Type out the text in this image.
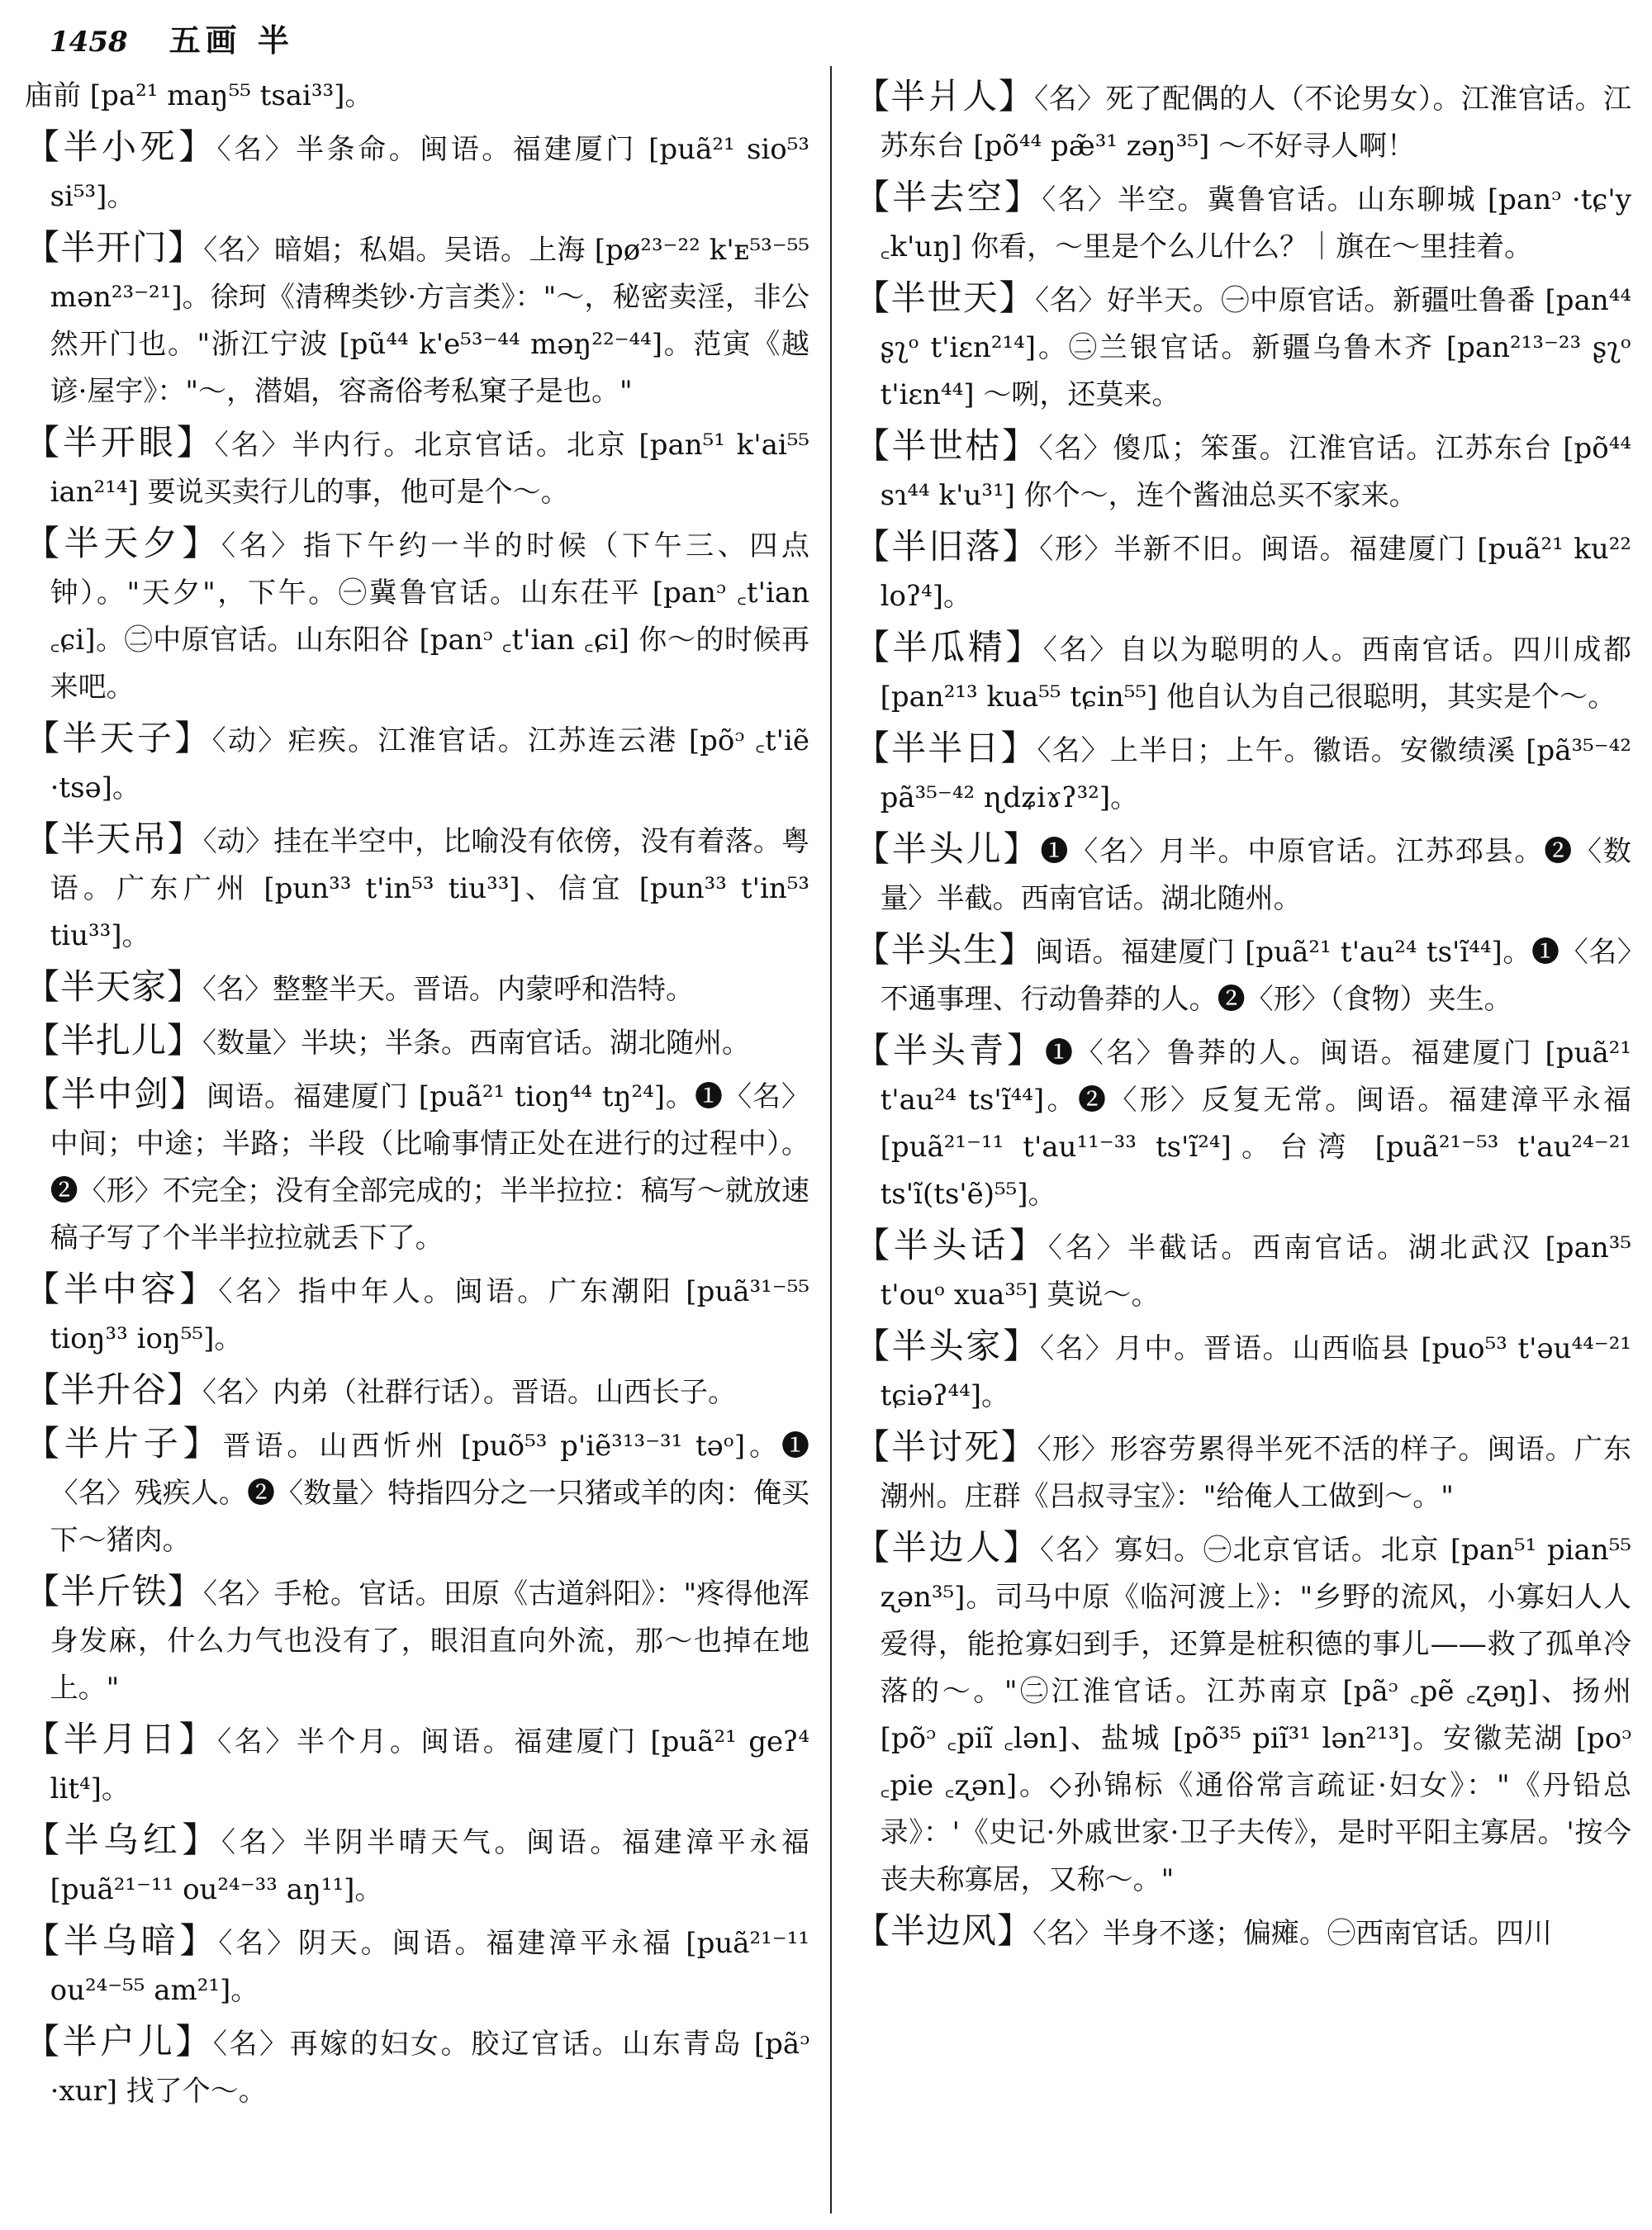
1458 五画 半

庙前 [pa²¹ maŋ⁵⁵ tsai³³]。

【半小死】〈名〉半条命。闽语。福建厦门 [puã²¹ sio⁵³ si⁵³]。

【半开门】〈名〉暗娼；私娼。吴语。上海 [pø²³⁻²² k'ᴇ⁵³⁻⁵⁵ mən²³⁻²¹]。徐珂《清稗类钞·方言类》："～，秘密卖淫，非公然开门也。"浙江宁波 [pũ⁴⁴ k'e⁵³⁻⁴⁴ məŋ²²⁻⁴⁴]。范寅《越谚·屋宇》："～，潜娼，容斋俗考私窠子是也。"

【半开眼】〈名〉半内行。北京官话。北京 [pan⁵¹ k'ai⁵⁵ ian²¹⁴] 要说买卖行儿的事，他可是个～。

【半天夕】〈名〉指下午约一半的时候（下午三、四点钟）。"天夕"，下午。㊀冀鲁官话。山东茌平 [panᵓ ꜀t'ian ꜀ɕi]。㊁中原官话。山东阳谷 [panᵓ ꜀t'ian ꜀ɕi] 你～的时候再来吧。

【半天子】〈动〉疟疾。江淮官话。江苏连云港 [põᵓ ꜀t'iẽ ·tsə]。

【半天吊】〈动〉挂在半空中，比喻没有依傍，没有着落。粤语。广东广州 [pun³³ t'in⁵³ tiu³³]、信宜 [pun³³ t'in⁵³ tiu³³]。

【半天家】〈名〉整整半天。晋语。内蒙呼和浩特。

【半扎儿】〈数量〉半块；半条。西南官话。湖北随州。

【半中剑】闽语。福建厦门 [puã²¹ tioŋ⁴⁴ tŋ²⁴]。❶〈名〉中间；中途；半路；半段（比喻事情正处在进行的过程中）。❷〈形〉不完全；没有全部完成的；半半拉拉：稿写～就放速稿子写了个半半拉拉就丢下了。

【半中容】〈名〉指中年人。闽语。广东潮阳 [puã³¹⁻⁵⁵ tioŋ³³ ioŋ⁵⁵]。

【半升谷】〈名〉内弟（社群行话）。晋语。山西长子。

【半片子】晋语。山西忻州 [puõ⁵³ p'iẽ³¹³⁻³¹ təᵒ]。❶〈名〉残疾人。❷〈数量〉特指四分之一只猪或羊的肉：俺买下～猪肉。

【半斤铁】〈名〉手枪。官话。田原《古道斜阳》："疼得他浑身发麻，什么力气也没有了，眼泪直向外流，那～也掉在地上。"

【半月日】〈名〉半个月。闽语。福建厦门 [puã²¹ geʔ⁴ lit⁴]。

【半乌红】〈名〉半阴半晴天气。闽语。福建漳平永福 [puã²¹⁻¹¹ ou²⁴⁻³³ aŋ¹¹]。

【半乌暗】〈名〉阴天。闽语。福建漳平永福 [puã²¹⁻¹¹ ou²⁴⁻⁵⁵ am²¹]。

【半户儿】〈名〉再嫁的妇女。胶辽官话。山东青岛 [pãᵓ ·xur] 找了个～。

【半爿人】〈名〉死了配偶的人（不论男女）。江淮官话。江苏东台 [põ⁴⁴ pæ̃³¹ zəŋ³⁵] ～不好寻人啊！

【半去空】〈名〉半空。冀鲁官话。山东聊城 [panᵓ ·tɕ'y ꜀k'uŋ] 你看，～里是个么儿什么？｜旗在～里挂着。

【半世天】〈名〉好半天。㊀中原官话。新疆吐鲁番 [pan⁴⁴ ʂʅᵒ t'iɛn²¹⁴]。㊁兰银官话。新疆乌鲁木齐 [pan²¹³⁻²³ ʂʅᵒ t'iɛn⁴⁴] ～咧，还莫来。

【半世枯】〈名〉傻瓜；笨蛋。江淮官话。江苏东台 [põ⁴⁴ sɿ⁴⁴ k'u³¹] 你个～，连个酱油总买不家来。

【半旧落】〈形〉半新不旧。闽语。福建厦门 [puã²¹ ku²² loʔ⁴]。

【半瓜精】〈名〉自以为聪明的人。西南官话。四川成都 [pan²¹³ kua⁵⁵ tɕin⁵⁵] 他自认为自己很聪明，其实是个～。

【半半日】〈名〉上半日；上午。徽语。安徽绩溪 [pã³⁵⁻⁴² pã³⁵⁻⁴² ɳdʑiɤʔ³²]。

【半头儿】❶〈名〉月半。中原官话。江苏邳县。❷〈数量〉半截。西南官话。湖北随州。

【半头生】闽语。福建厦门 [puã²¹ t'au²⁴ ts'ĩ⁴⁴]。❶〈名〉不通事理、行动鲁莽的人。❷〈形〉（食物）夹生。

【半头青】❶〈名〉鲁莽的人。闽语。福建厦门 [puã²¹ t'au²⁴ ts'ĩ⁴⁴]。❷〈形〉反复无常。闽语。福建漳平永福 [puã²¹⁻¹¹ t'au¹¹⁻³³ ts'ĩ²⁴]。台湾 [puã²¹⁻⁵³ t'au²⁴⁻²¹ ts'ĩ(ts'ẽ)⁵⁵]。

【半头话】〈名〉半截话。西南官话。湖北武汉 [pan³⁵ t'ouᵒ xua³⁵] 莫说～。

【半头家】〈名〉月中。晋语。山西临县 [puo⁵³ t'əu⁴⁴⁻²¹ tɕiəʔ⁴⁴]。

【半讨死】〈形〉形容劳累得半死不活的样子。闽语。广东潮州。庄群《吕叔寻宝》："给俺人工做到～。"

【半边人】〈名〉寡妇。㊀北京官话。北京 [pan⁵¹ pian⁵⁵ ʐən³⁵]。司马中原《临河渡上》："乡野的流风，小寡妇人人爱得，能抢寡妇到手，还算是桩积德的事儿——救了孤单冷落的～。"㊁江淮官话。江苏南京 [pãᵓ ꜀pẽ ꜀ʐəŋ]、扬州 [põᵓ ꜀piĩ ꜀lən]、盐城 [põ³⁵ piĩ³¹ lən²¹³]。安徽芜湖 [poᵓ ꜀pie ꜀ʐən]。◇孙锦标《通俗常言疏证·妇女》："《丹铅总录》：'《史记·外戚世家·卫子夫传》，是时平阳主寡居。'按今丧夫称寡居，又称～。"

【半边风】〈名〉半身不遂；偏瘫。㊀西南官话。四川
